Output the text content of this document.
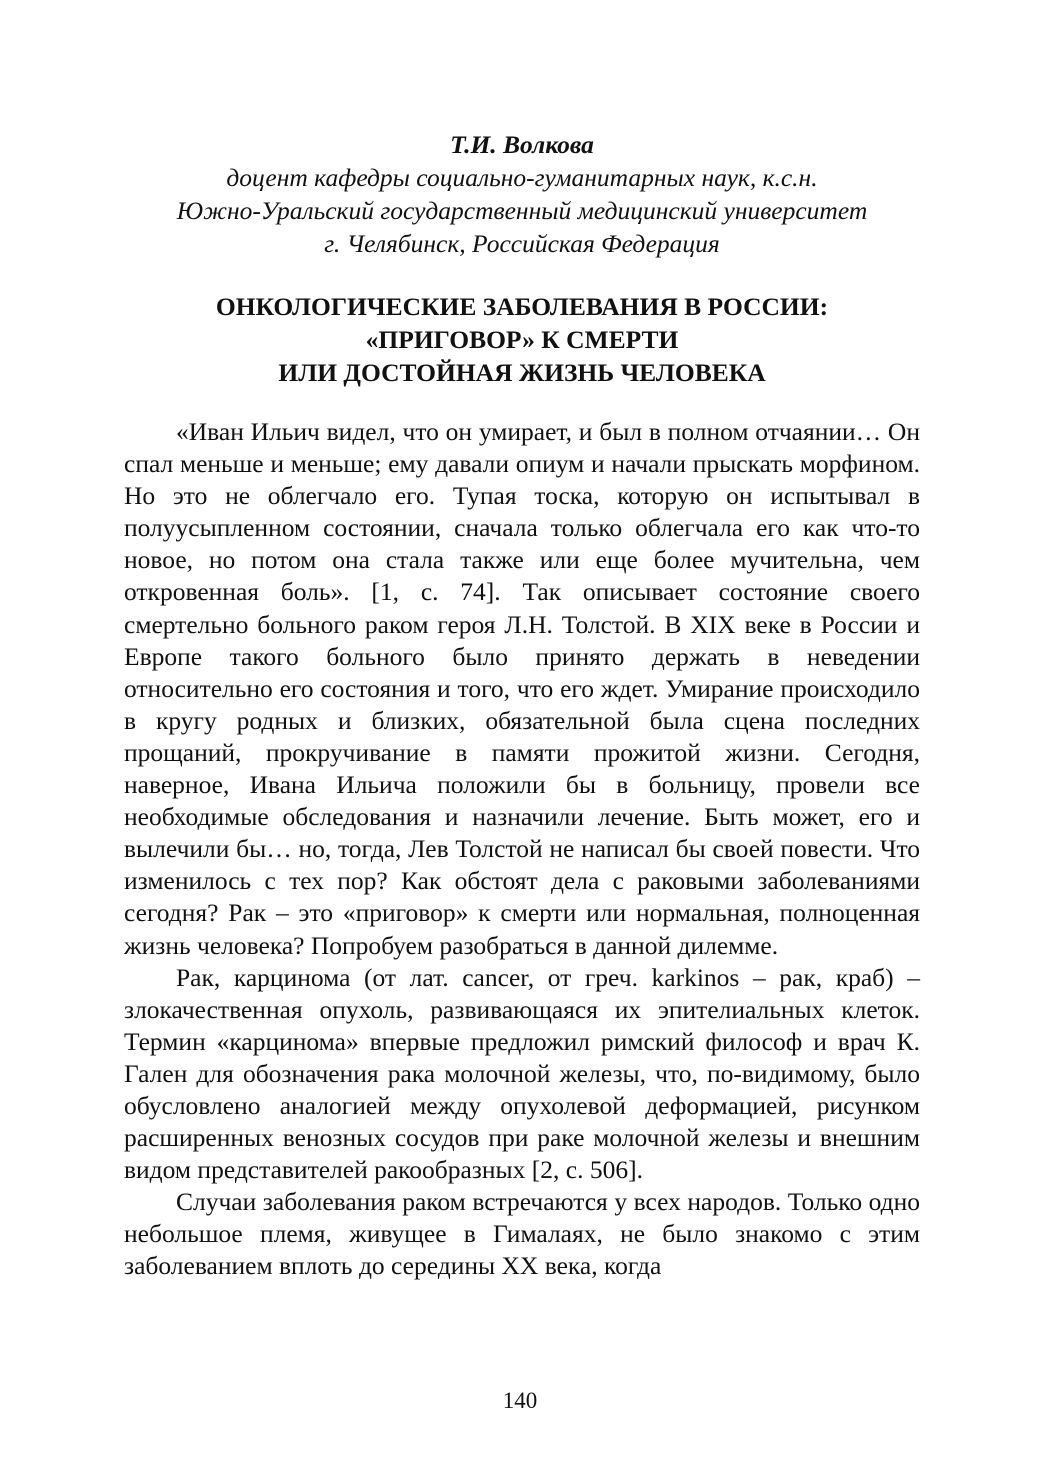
Т.И. Волкова
доцент кафедры социально-гуманитарных наук, к.с.н.
Южно-Уральский государственный медицинский университет
г. Челябинск, Российская Федерация
ОНКОЛОГИЧЕСКИЕ ЗАБОЛЕВАНИЯ В РОССИИ:
«ПРИГОВОР» К СМЕРТИ
ИЛИ ДОСТОЙНАЯ ЖИЗНЬ ЧЕЛОВЕКА

«Иван Ильич видел, что он умирает, и был в полном отчаянии… Он спал меньше и меньше; ему давали опиум и начали прыскать морфином. Но это не облегчало его. Тупая тоска, которую он испытывал в полуусыпленном состоянии, сначала только облегчала его как что-то новое, но потом она стала также или еще более мучительна, чем откровенная боль». [1, с. 74]. Так описывает состояние своего смертельно больного раком героя Л.Н. Толстой. В XIX веке в России и Европе такого больного было принято держать в неведении относительно его состояния и того, что его ждет. Умирание происходило в кругу родных и близких, обязательной была сцена последних прощаний, прокручивание в памяти прожитой жизни. Сегодня, наверное, Ивана Ильича положили бы в больницу, провели все необходимые обследования и назначили лечение. Быть может, его и вылечили бы… но, тогда, Лев Толстой не написал бы своей повести. Что изменилось с тех пор? Как обстоят дела с раковыми заболеваниями сегодня? Рак – это «приговор» к смерти или нормальная, полноценная жизнь человека? Попробуем разобраться в данной дилемме.

Рак, карцинома (от лат. cancer, от греч. karkinos – рак, краб) – злокачественная опухоль, развивающаяся их эпителиальных клеток. Термин «карцинома» впервые предложил римский философ и врач К. Гален для обозначения рака молочной железы, что, по-видимому, было обусловлено аналогией между опухолевой деформацией, рисунком расширенных венозных сосудов при раке молочной железы и внешним видом представителей ракообразных [2, с. 506].

Случаи заболевания раком встречаются у всех народов. Только одно небольшое племя, живущее в Гималаях, не было знакомо с этим заболеванием вплоть до середины XX века, когда

140
